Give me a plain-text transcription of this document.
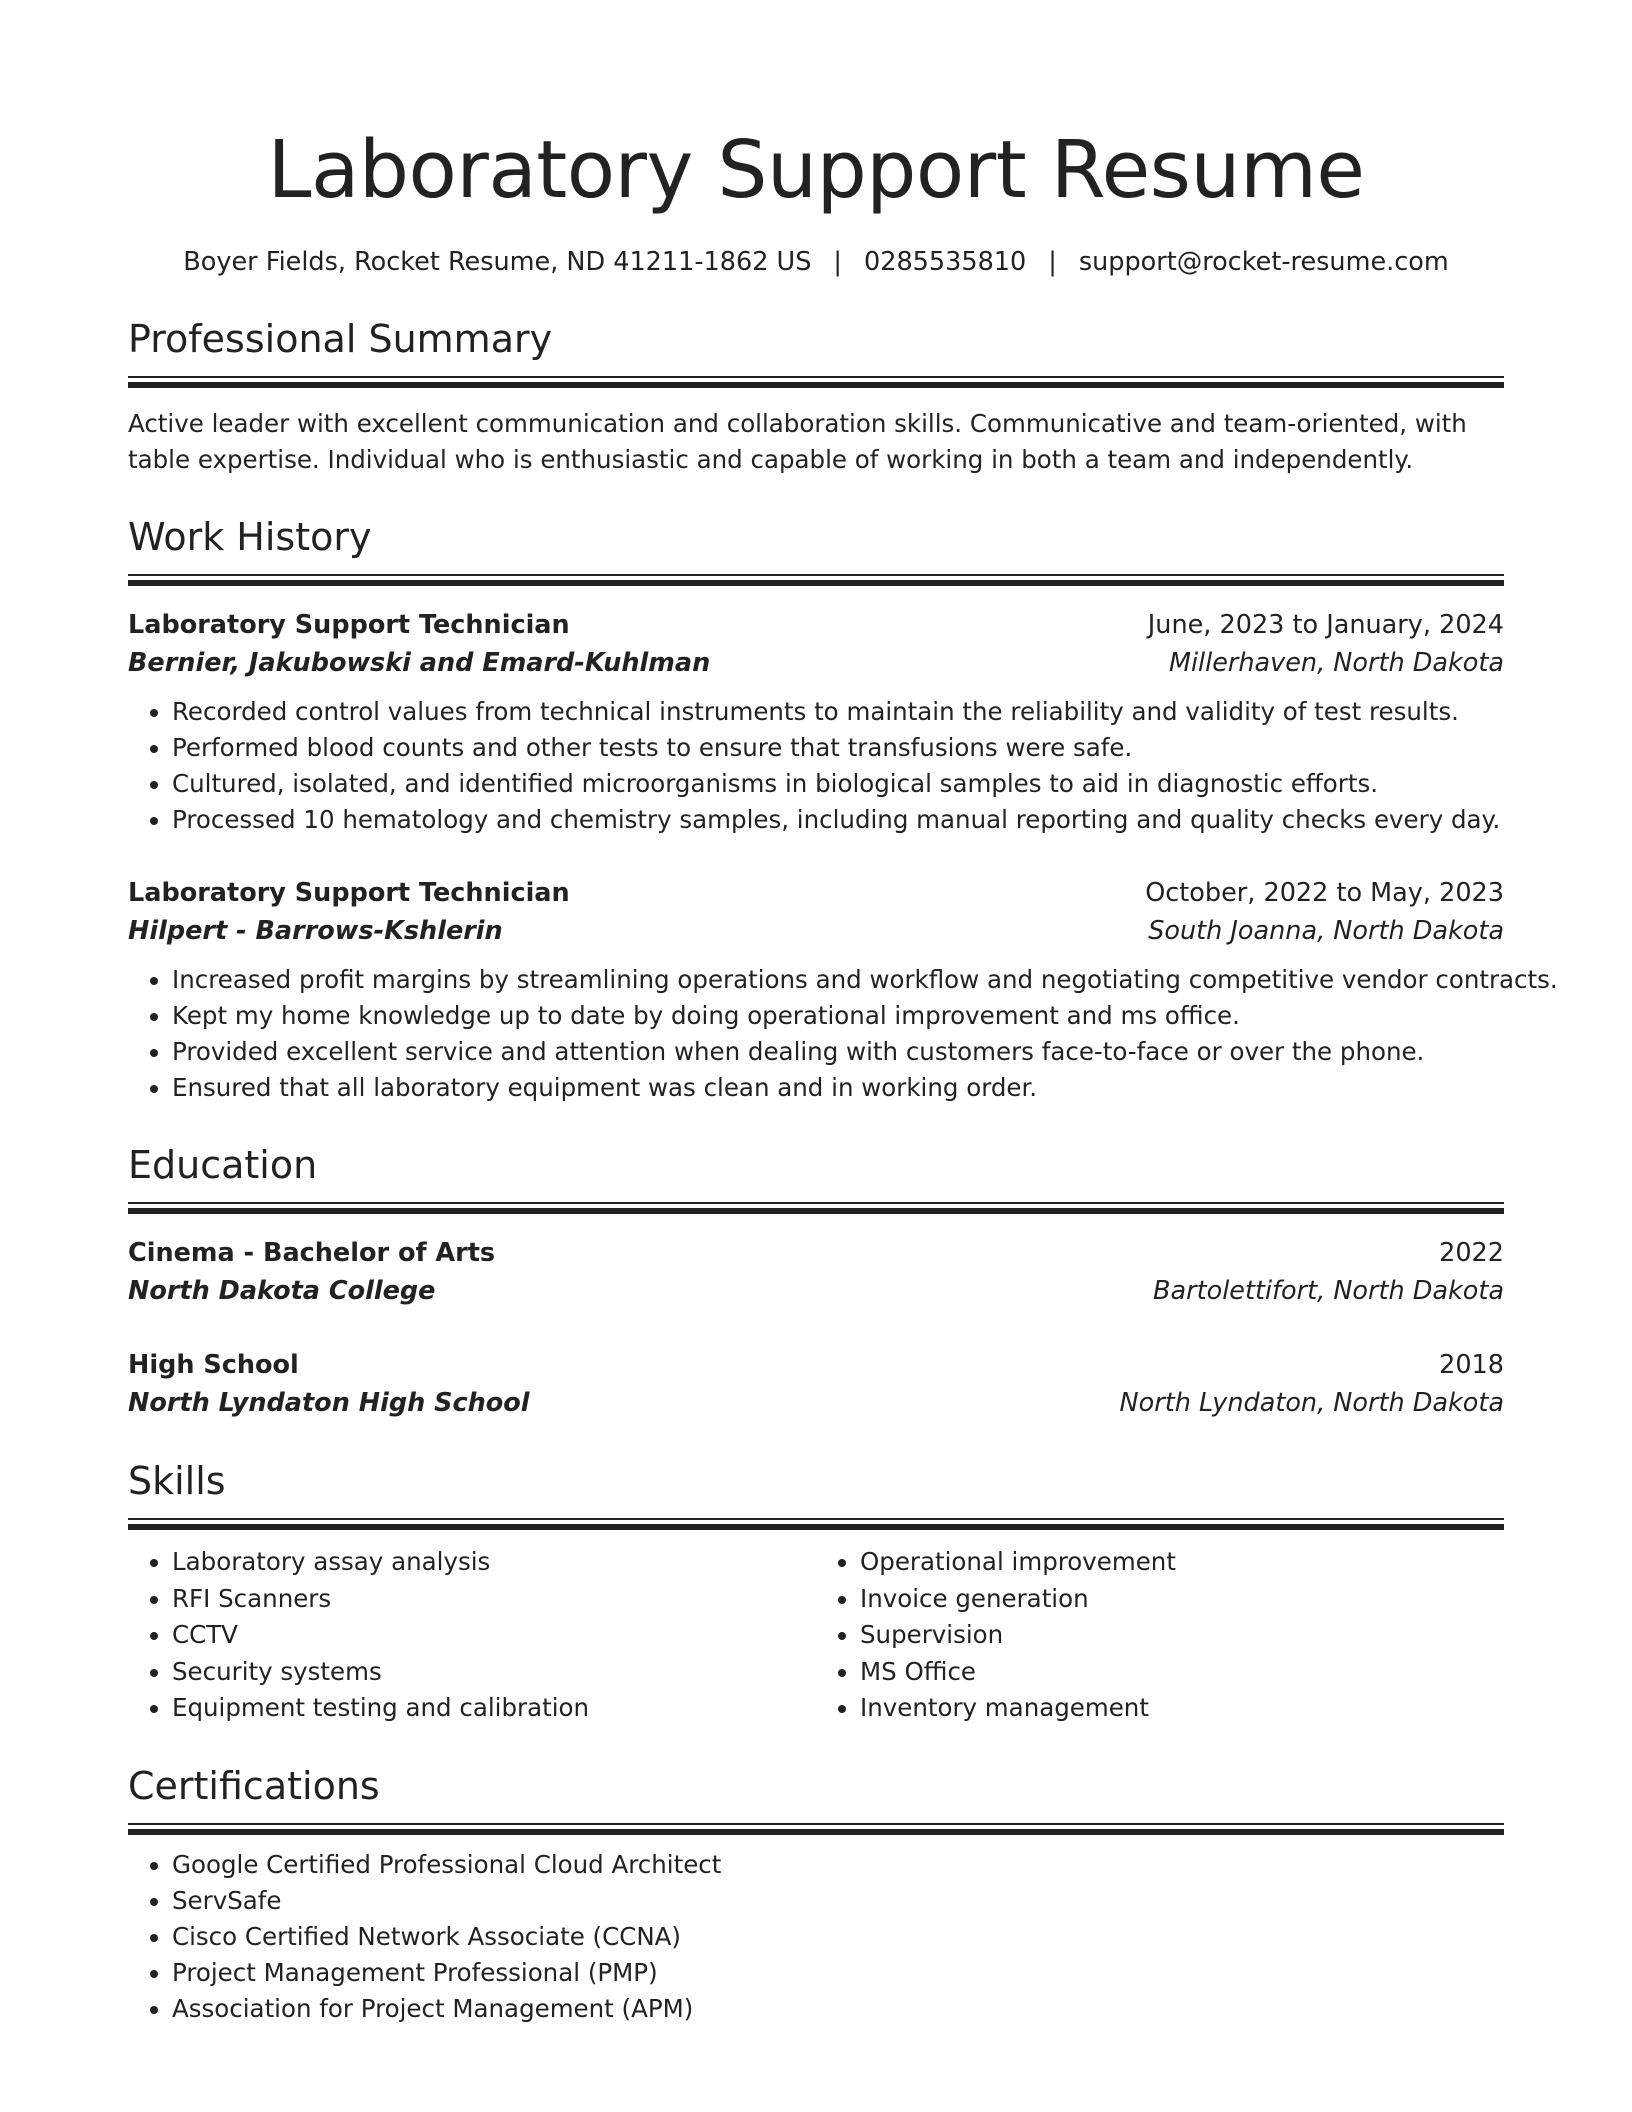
Laboratory Support Resume
Boyer Fields, Rocket Resume, ND 41211-1862 US | 0285535810 | support@rocket-resume.com
Professional Summary
Active leader with excellent communication and collaboration skills. Communicative and team-oriented, with table expertise. Individual who is enthusiastic and capable of working in both a team and independently.
Work History
Laboratory Support Technician	June, 2023 to January, 2024
Bernier, Jakubowski and Emard-Kuhlman	Millerhaven, North Dakota
• Recorded control values from technical instruments to maintain the reliability and validity of test results.
• Performed blood counts and other tests to ensure that transfusions were safe.
• Cultured, isolated, and identified microorganisms in biological samples to aid in diagnostic efforts.
• Processed 10 hematology and chemistry samples, including manual reporting and quality checks every day.
Laboratory Support Technician	October, 2022 to May, 2023
Hilpert - Barrows-Kshlerin	South Joanna, North Dakota
• Increased profit margins by streamlining operations and workflow and negotiating competitive vendor contracts.
• Kept my home knowledge up to date by doing operational improvement and ms office.
• Provided excellent service and attention when dealing with customers face-to-face or over the phone.
• Ensured that all laboratory equipment was clean and in working order.
Education
Cinema - Bachelor of Arts	2022
North Dakota College	Bartolettifort, North Dakota
High School	2018
North Lyndaton High School	North Lyndaton, North Dakota
Skills
• Laboratory assay analysis
• RFI Scanners
• CCTV
• Security systems
• Equipment testing and calibration
• Operational improvement
• Invoice generation
• Supervision
• MS Office
• Inventory management
Certifications
• Google Certified Professional Cloud Architect
• ServSafe
• Cisco Certified Network Associate (CCNA)
• Project Management Professional (PMP)
• Association for Project Management (APM)
